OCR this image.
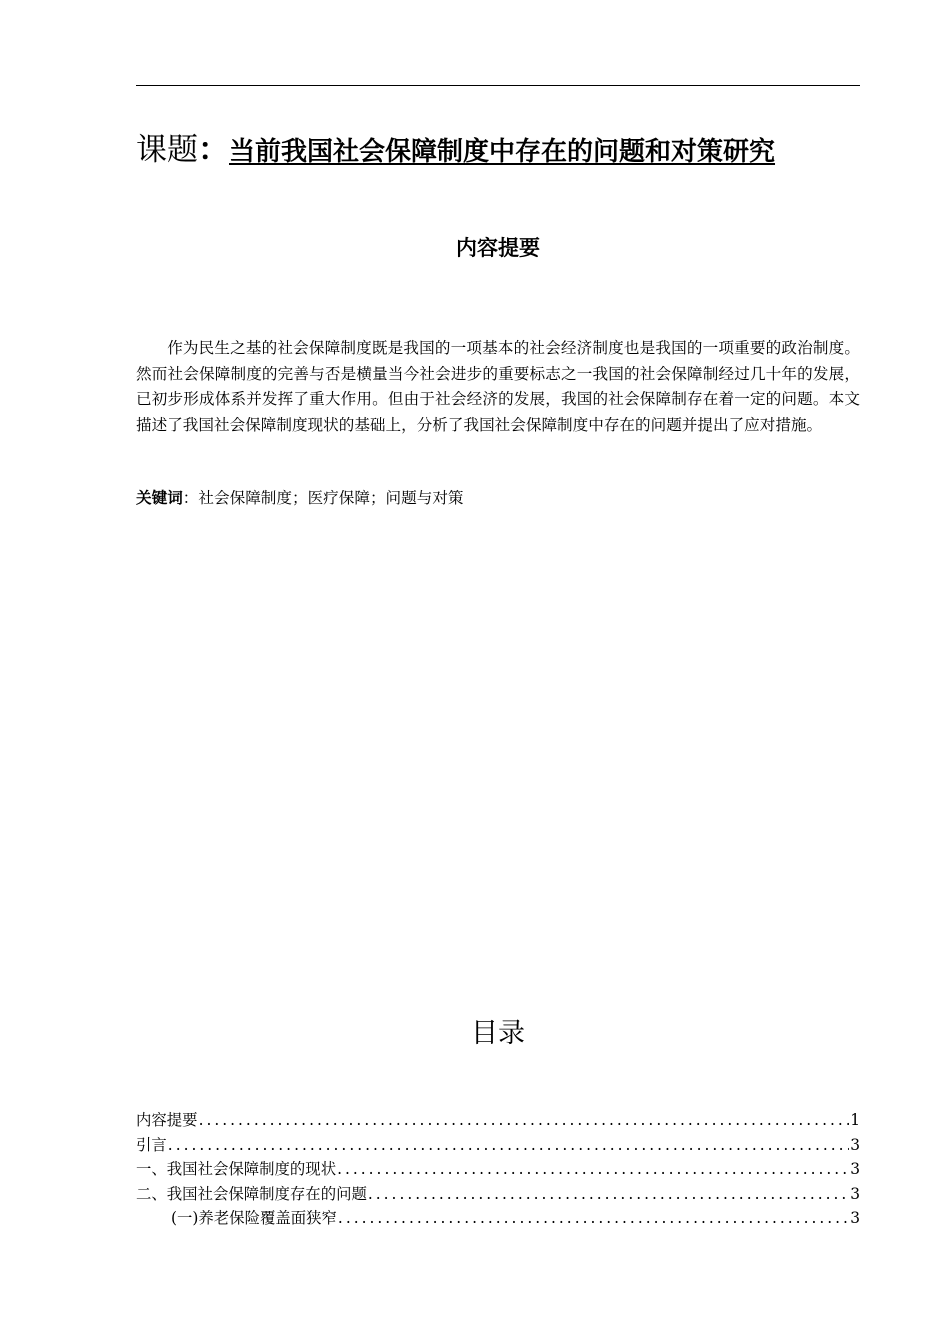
课题：当前我国社会保障制度中存在的问题和对策研究
内容提要
作为民生之基的社会保障制度既是我国的一项基本的社会经济制度也是我国的一项重要的政治制度。然而社会保障制度的完善与否是横量当今社会进步的重要标志之一我国的社会保障制经过几十年的发展，已初步形成体系并发挥了重大作用。但由于社会经济的发展，我国的社会保障制存在着一定的问题。本文描述了我国社会保障制度现状的基础上，分析了我国社会保障制度中存在的问题并提出了应对措施。
关键词：社会保障制度；医疗保障；问题与对策
目录
内容提要 .....	1
引言 .....	3
一、我国社会保障制度的现状 .....	3
二、我国社会保障制度存在的问题 .....	3
(一)养老保险覆盖面狭窄 .....	3
